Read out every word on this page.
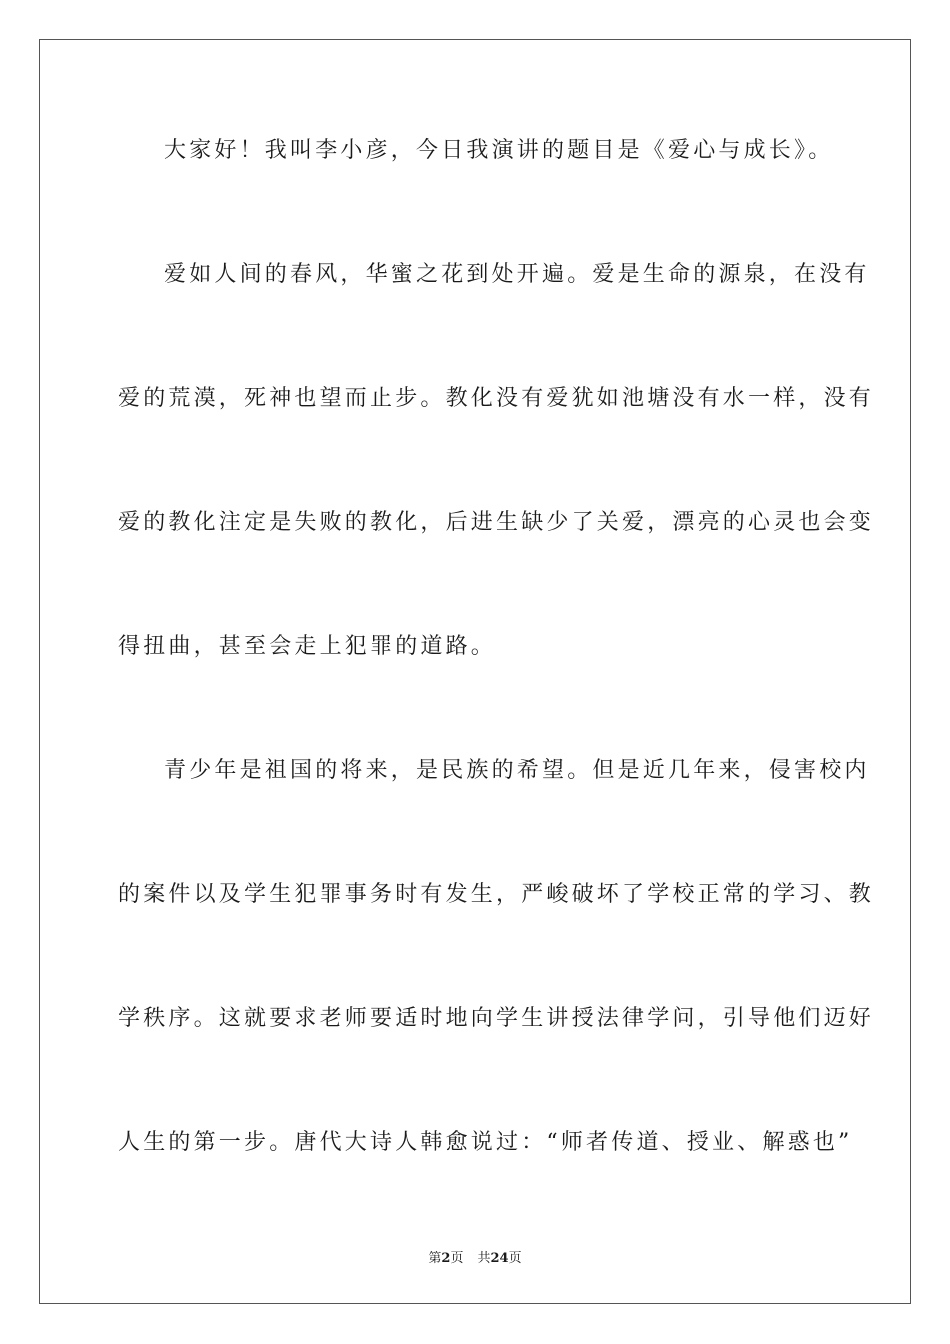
大家好！我叫李小彦，今日我演讲的题目是《爱心与成长》。
爱如人间的春风，华蜜之花到处开遍。爱是生命的源泉，在没有
爱的荒漠，死神也望而止步。教化没有爱犹如池塘没有水一样，没有
爱的教化注定是失败的教化，后进生缺少了关爱，漂亮的心灵也会变
得扭曲，甚至会走上犯罪的道路。
青少年是祖国的将来，是民族的希望。但是近几年来，侵害校内
的案件以及学生犯罪事务时有发生，严峻破坏了学校正常的学习、教
学秩序。这就要求老师要适时地向学生讲授法律学问，引导他们迈好
人生的第一步。唐代大诗人韩愈说过：“师者传道、授业、解惑也”
第2页 共24页
